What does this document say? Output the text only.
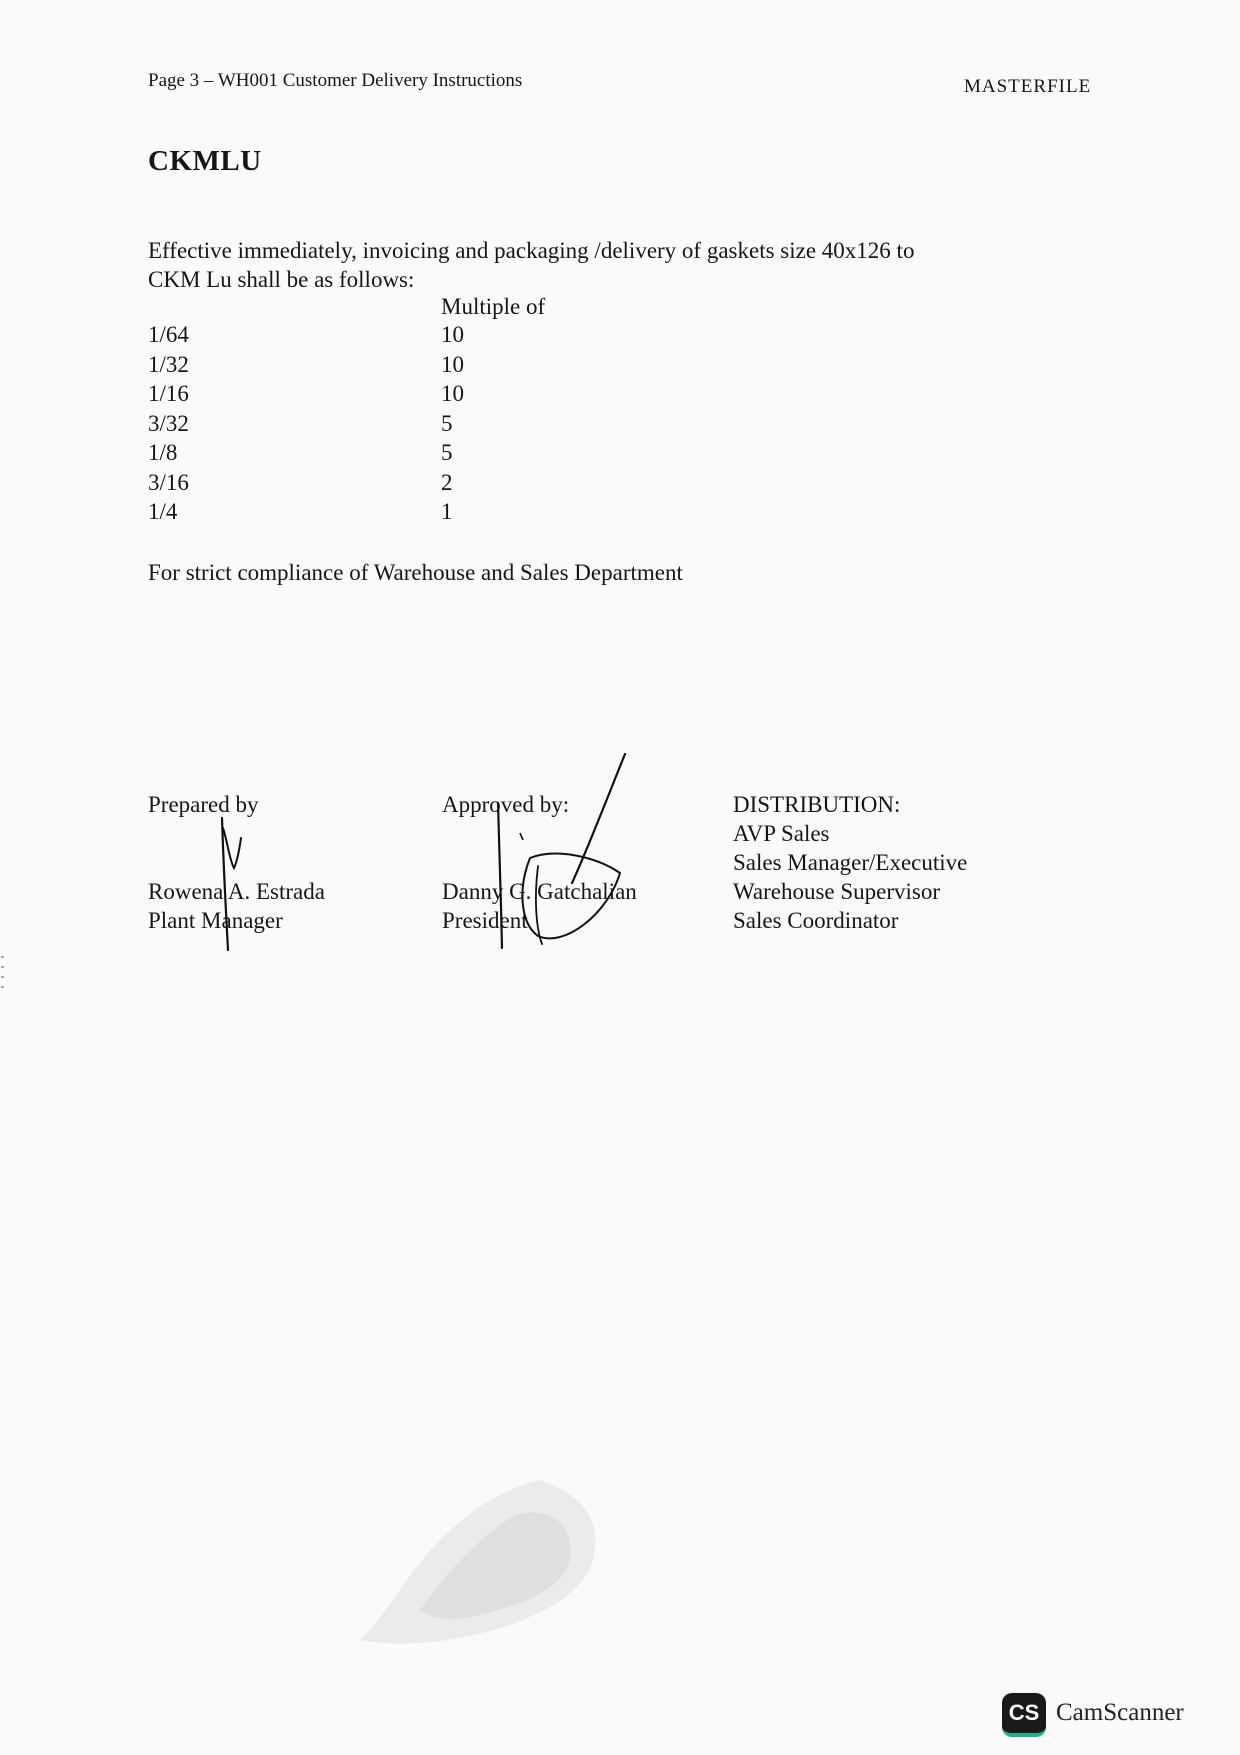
Page 3 – WH001 Customer Delivery Instructions	MASTERFILE
CKMLU
Effective immediately, invoicing and packaging /delivery of gaskets size 40x126 to
CKM Lu shall be as follows:
Multiple of
1/64	10
1/32	10
1/16	10
3/32	5
1/8	5
3/16	2
1/4	1
For strict compliance of Warehouse and Sales Department
Prepared by
Rowena A. Estrada
Plant Manager
Approved by:
Danny G. Gatchalian
President
DISTRIBUTION:
AVP Sales
Sales Manager/Executive
Warehouse Supervisor
Sales Coordinator
CS CamScanner
